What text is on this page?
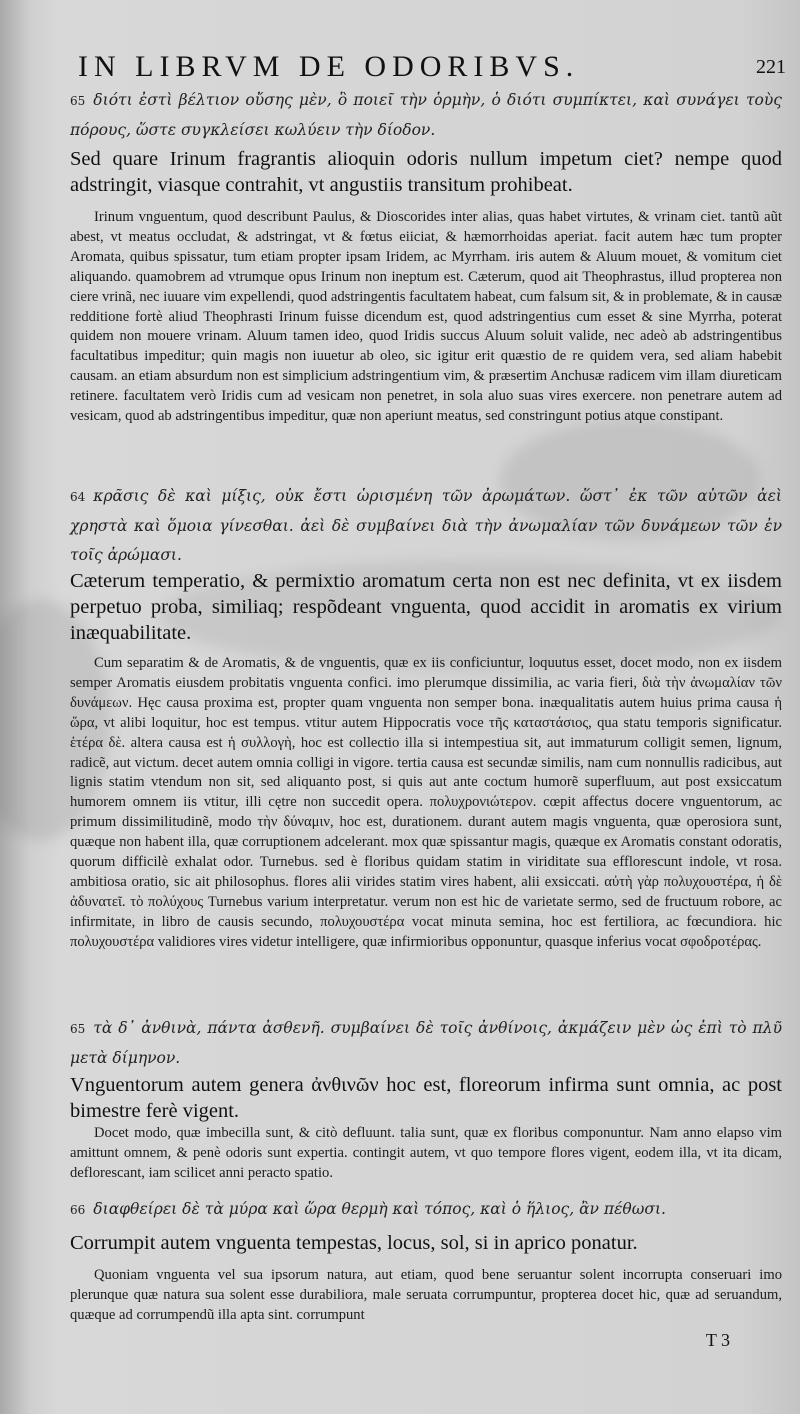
IN LIBRVM DE ODORIBVS.	221
65 διότι ἐστὶ βέλτιον οὔσης μὲν, ὃ ποιεῖ τὴν ὁρμὴν, ὁ διότι συμπίκτει, καὶ συνάγει τοὺς πόρους, ὥστε συγκλείσει κωλύειν τὴν δίοδον.
Sed quare Irinum fragrantis alioquin odoris nullum impetum ciet? nempe quod adstringit, viasque contrahit, vt angustiis transitum prohibeat.
Irinum vnguentum, quod describunt Paulus, & Dioscorides inter alias, quas habet virtutes, & vrinam ciet. tantũ aũt abest, vt meatus occludat, & adstringat, vt & fœtus eiiciat, & hæmorrhoidas aperiat. facit autem hæc tum propter Aromata, quibus spissatur, tum etiam propter ipsam Iridem, ac Myrrham. iris autem & Aluum mouet, & vomitum ciet aliquando. quamobrem ad vtrumque opus Irinum non ineptum est. Cæterum, quod ait Theophrastus, illud propterea non ciere vrinã, nec iuuare vim expellendi, quod adstringentis facultatem habeat, cum falsum sit, & in problemate, & in causæ redditione fortè aliud Theophrasti Irinum fuisse dicendum est, quod adstringentius cum esset & sine Myrrha, poterat quidem non mouere vrinam. Aluum tamen ideo, quod Iridis succus Aluum soluit valide, nec adeò ab adstringentibus facultatibus impeditur; quin magis non iuuetur ab oleo, sic igitur erit quæstio de re quidem vera, sed aliam habebit causam. an etiam absurdum non est simplicium adstringentium vim, & præsertim Anchusæ radicem vim illam diureticam retinere. facultatem verò Iridis cum ad vesicam non penetret, in sola aluo suas vires exercere. non penetrare autem ad vesicam, quod ab adstringentibus impeditur, quæ non aperiunt meatus, sed constringunt potius atque constipant.
64 κρᾶσις δὲ καὶ μίξις, οὐκ ἔστι ὡρισμένη τῶν ἀρωμάτων. ὥστ᾿ ἐκ τῶν αὐτῶν ἀεὶ χρηστὰ καὶ ὅμοια γίνεσθαι. ἀεὶ δὲ συμβαίνει διὰ τὴν ἀνωμαλίαν τῶν δυνάμεων τῶν ἐν τοῖς ἀρώμασι.
Cæterum temperatio, & permixtio aromatum certa non est nec definita, vt ex iisdem perpetuo proba, similiaq; respõdeant vnguenta, quod accidit in aromatis ex virium inæquabilitate.
Cum separatim & de Aromatis, & de vnguentis, quæ ex iis conficiuntur, loquutus esset, docet modo, non ex iisdem semper Aromatis eiusdem probitatis vnguenta confici. imo plerumque dissimilia, ac varia fieri, διὰ τὴν ἀνωμαλίαν τῶν δυνάμεων. Hęc causa proxima est, propter quam vnguenta non semper bona. inæqualitatis autem huius prima causa ἡ ὥρα, vt alibi loquitur, hoc est tempus. vtitur autem Hippocratis voce τῆς καταστάσιος, qua statu temporis significatur. ἑτέρα δὲ. altera causa est ἡ συλλογὴ, hoc est collectio illa si intempestiua sit, aut immaturum colligit semen, lignum, radicẽ, aut victum. decet autem omnia colligi in vigore. tertia causa est secundæ similis, nam cum nonnullis radicibus, aut lignis statim vtendum non sit, sed aliquanto post, si quis aut ante coctum humorẽ superfluum, aut post exsiccatum humorem omnem iis vtitur, illi cętre non succedit opera. πολυχρονιώτερον. cœpit affectus docere vnguentorum, ac primum dissimilitudinẽ, modo τὴν δύναμιν, hoc est, durationem. durant autem magis vnguenta, quæ operosiora sunt, quæque non habent illa, quæ corruptionem adcelerant. mox quæ spissantur magis, quæque ex Aromatis constant odoratis, quorum difficilè exhalat odor. Turnebus. sed è floribus quidam statim in viriditate sua efflorescunt indole, vt rosa. ambitiosa oratio, sic ait philosophus. flores alii virides statim vires habent, alii exsiccati. αὐτὴ γὰρ πολυχουστέρα, ἡ δὲ ἀδυνατεῖ. τὸ πολύχους Turnebus varium interpretatur. verum non est hic de varietate sermo, sed de fructuum robore, ac infirmitate, in libro de causis secundo, πολυχουστέρα vocat minuta semina, hoc est fertiliora, ac fœcundiora. hic πολυχουστέρα validiores vires videtur intelligere, quæ infirmioribus opponuntur, quasque inferius vocat σφοδροτέρας.
65 τὰ δ᾿ ἀνθινὰ, πάντα ἀσθενῆ. συμβαίνει δὲ τοῖς ἀνθίνοις, ἀκμάζειν μὲν ὡς ἐπὶ τὸ πλῦ μετὰ δίμηνον.
Vnguentorum autem genera ἀνθινῶν hoc est, floreorum infirma sunt omnia, ac post bimestre ferè vigent.
Docet modo, quæ imbecilla sunt, & citò defluunt. talia sunt, quæ ex floribus componuntur. Nam anno elapso vim amittunt omnem, & penè odoris sunt expertia. contingit autem, vt quo tempore flores vigent, eodem illa, vt ita dicam, deflorescant, iam scilicet anni peracto spatio.
66 διαφθείρει δὲ τὰ μύρα καὶ ὥρα θερμὴ καὶ τόπος, καὶ ὁ ἥλιος, ἂν πέθωσι.
Corrumpit autem vnguenta tempestas, locus, sol, si in aprico ponatur.
Quoniam vnguenta vel sua ipsorum natura, aut etiam, quod bene seruantur solent incorrupta conseruari imo plerunque quæ natura sua solent esse durabiliora, male seruata corrumpuntur, propterea docet hic, quæ ad seruandum, quæque ad corrumpendũ illa apta sint. corrumpunt
T 3
